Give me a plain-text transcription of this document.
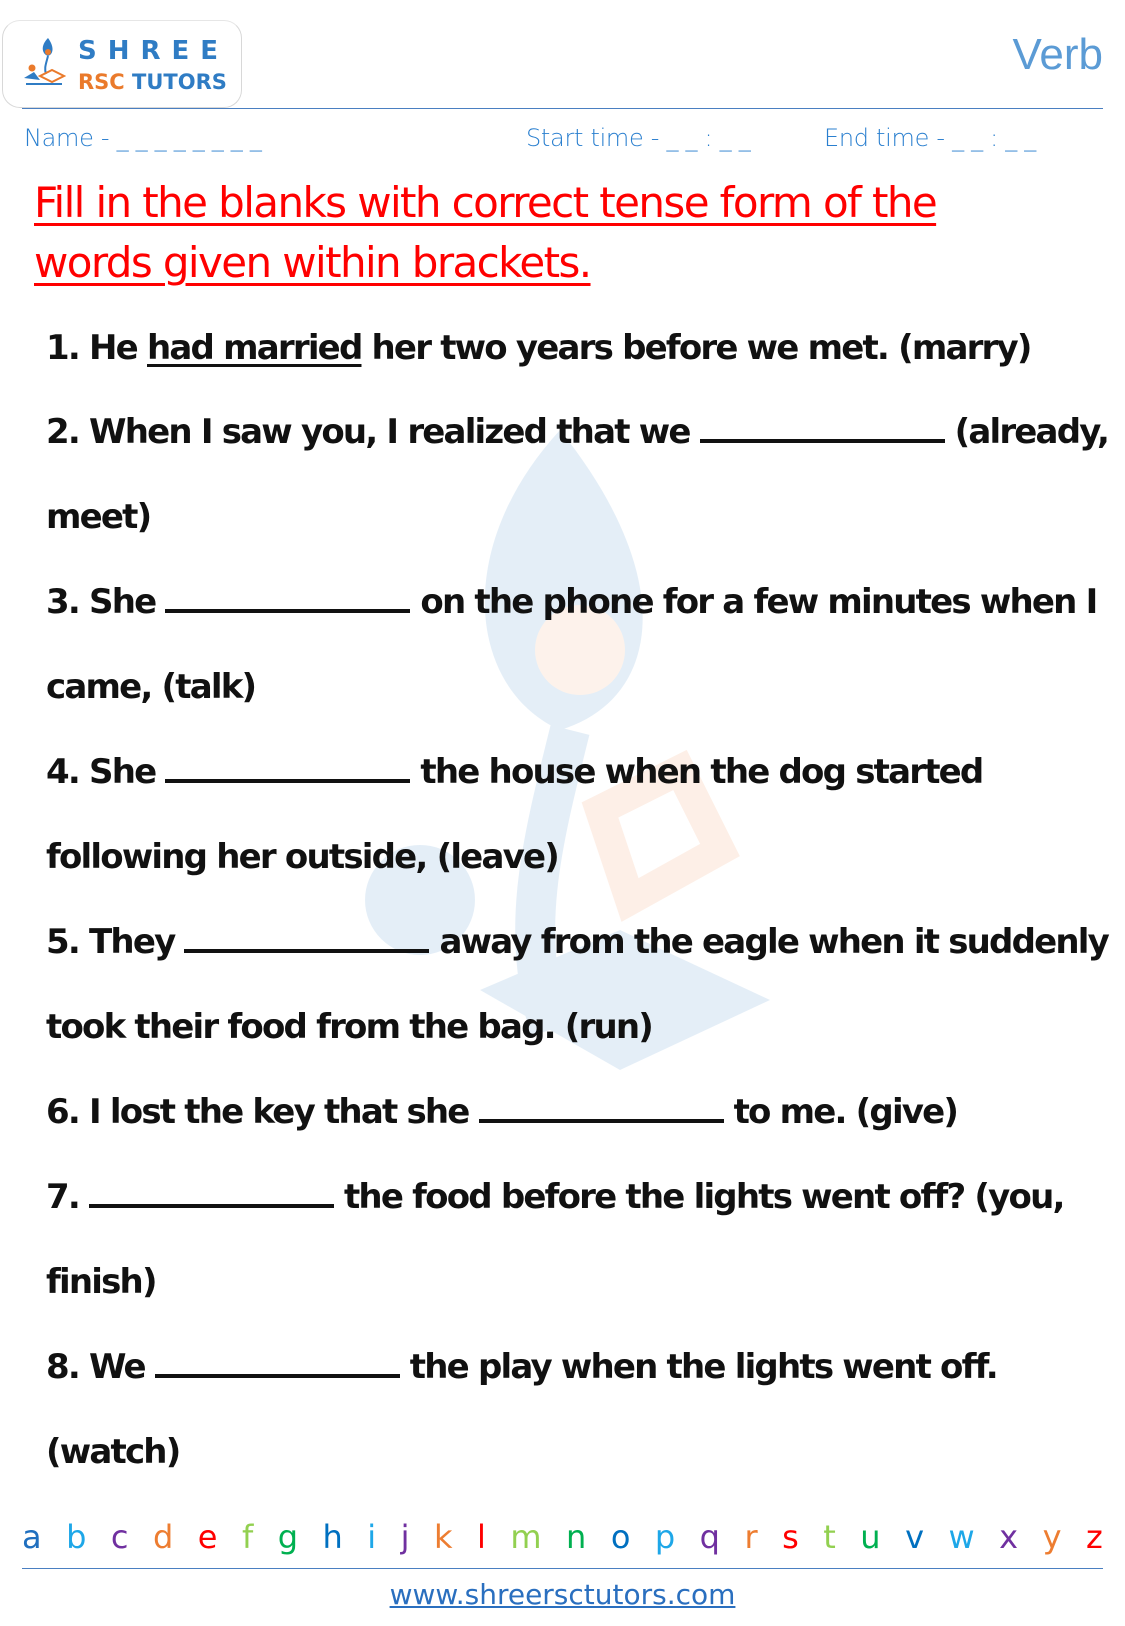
SHREE
RSC TUTORS
Verb
Name - _ _ _ _ _ _ _ _	Start time - _ _ : _ _	End time - _ _ : _ _
Fill in the blanks with correct tense form of the
words given within brackets.
1. He had married her two years before we met. (marry)
2. When I saw you, I realized that we	(already,
meet)
3. She	on the phone for a few minutes when I
came, (talk)
4. She	the house when the dog started
following her outside, (leave)
5. They	away from the eagle when it suddenly
took their food from the bag. (run)
6. I lost the key that she	to me. (give)
7.	the food before the lights went off? (you,
finish)
8. We	the play when the lights went off.
(watch)
a b c d e f g h i j k l m n o p q r s t u v w x y z
www.shreersctutors.com
